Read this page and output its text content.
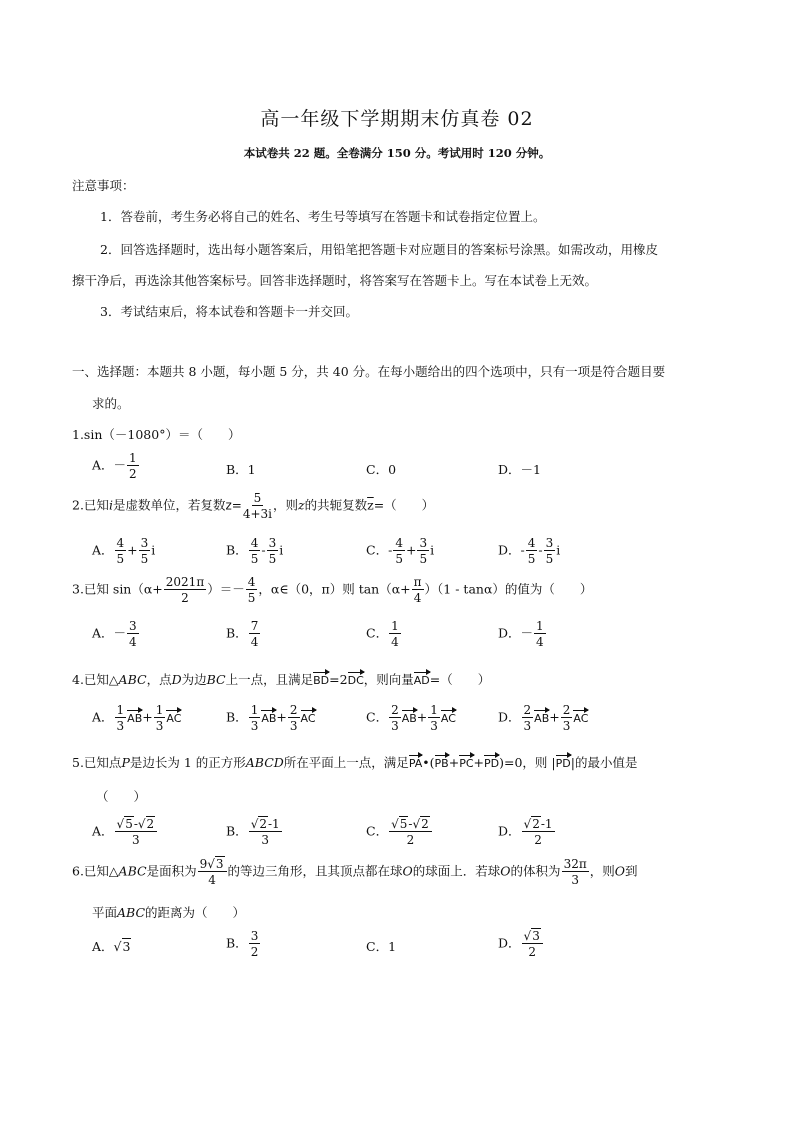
高一年级下学期期末仿真卷 02
本试卷共 22 题。全卷满分 150 分。考试用时 120 分钟。
注意事项：
1．答卷前，考生务必将自己的姓名、考生号等填写在答题卡和试卷指定位置上。
2．回答选择题时，选出每小题答案后，用铅笔把答题卡对应题目的答案标号涂黑。如需改动，用橡皮
擦干净后，再选涂其他答案标号。回答非选择题时，将答案写在答题卡上。写在本试卷上无效。
3．考试结束后，将本试卷和答题卡一并交回。
一、选择题：本题共 8 小题，每小题 5 分，共 40 分。在每小题给出的四个选项中，只有一项是符合题目要
求的。
1.sin（－1080°）＝（　　）
A．－ $\frac{1}{2}$	B．1	C．0	D．－1
2.已知i是虚数单位，若复数$z= \frac{5}{4+3i}$ ，则z的共轭复数$\overline{z}=$（　　）
A． $\frac{4}{5} + \frac{3}{5}$ i	B． $\frac{4}{5} - \frac{3}{5}$ i	C．- $\frac{4}{5} + \frac{3}{5}$ i	D．- $\frac{4}{5} - \frac{3}{5}$ i
3.已知 $\sin(\alpha+ \frac{2021\pi}{2}$ ）＝－ $\frac{4}{5}$ ，α∈（0，π）则 $\tan(\alpha+ \frac{\pi}{4} )(1 - \tan\alpha)$的值为（　　）
A．－ $\frac{3}{4}$	B． $\frac{7}{4}$	C． $\frac{1}{4}$	D．－ $\frac{1}{4}$
4.已知△ABC，点D为边BC上一点，且满足BD=2DC，则向量AD=（　　）
A． $\frac{1}{3} AB+ \frac{1}{3}$ AC	B． $\frac{1}{3} AB+ \frac{2}{3}$ AC	C． $\frac{2}{3} AB+ \frac{1}{3}$ AC	D． $\frac{2}{3} AB+ \frac{2}{3}$ AC
5.已知点P是边长为 1 的正方形ABCD所在平面上一点，满足PA•(PB+PC+PD)=0，则 |PD|的最小值是
（　　）
A． $\frac{√5-√2}{3}$	B． $\frac{√2-1}{3}$	C． $\frac{√5-√2}{2}$	D． $\frac{√2-1}{2}$
6.已知△ABC是面积为 $\frac{9√3}{4}$ 的等边三角形，且其顶点都在球O的球面上．若球O的体积为 $\frac{32\pi}{3}$ ，则O到
平面ABC的距离为（　　）
A．√3	B． $\frac{3}{2}$	C．1	D． $\frac{√3}{2}$
